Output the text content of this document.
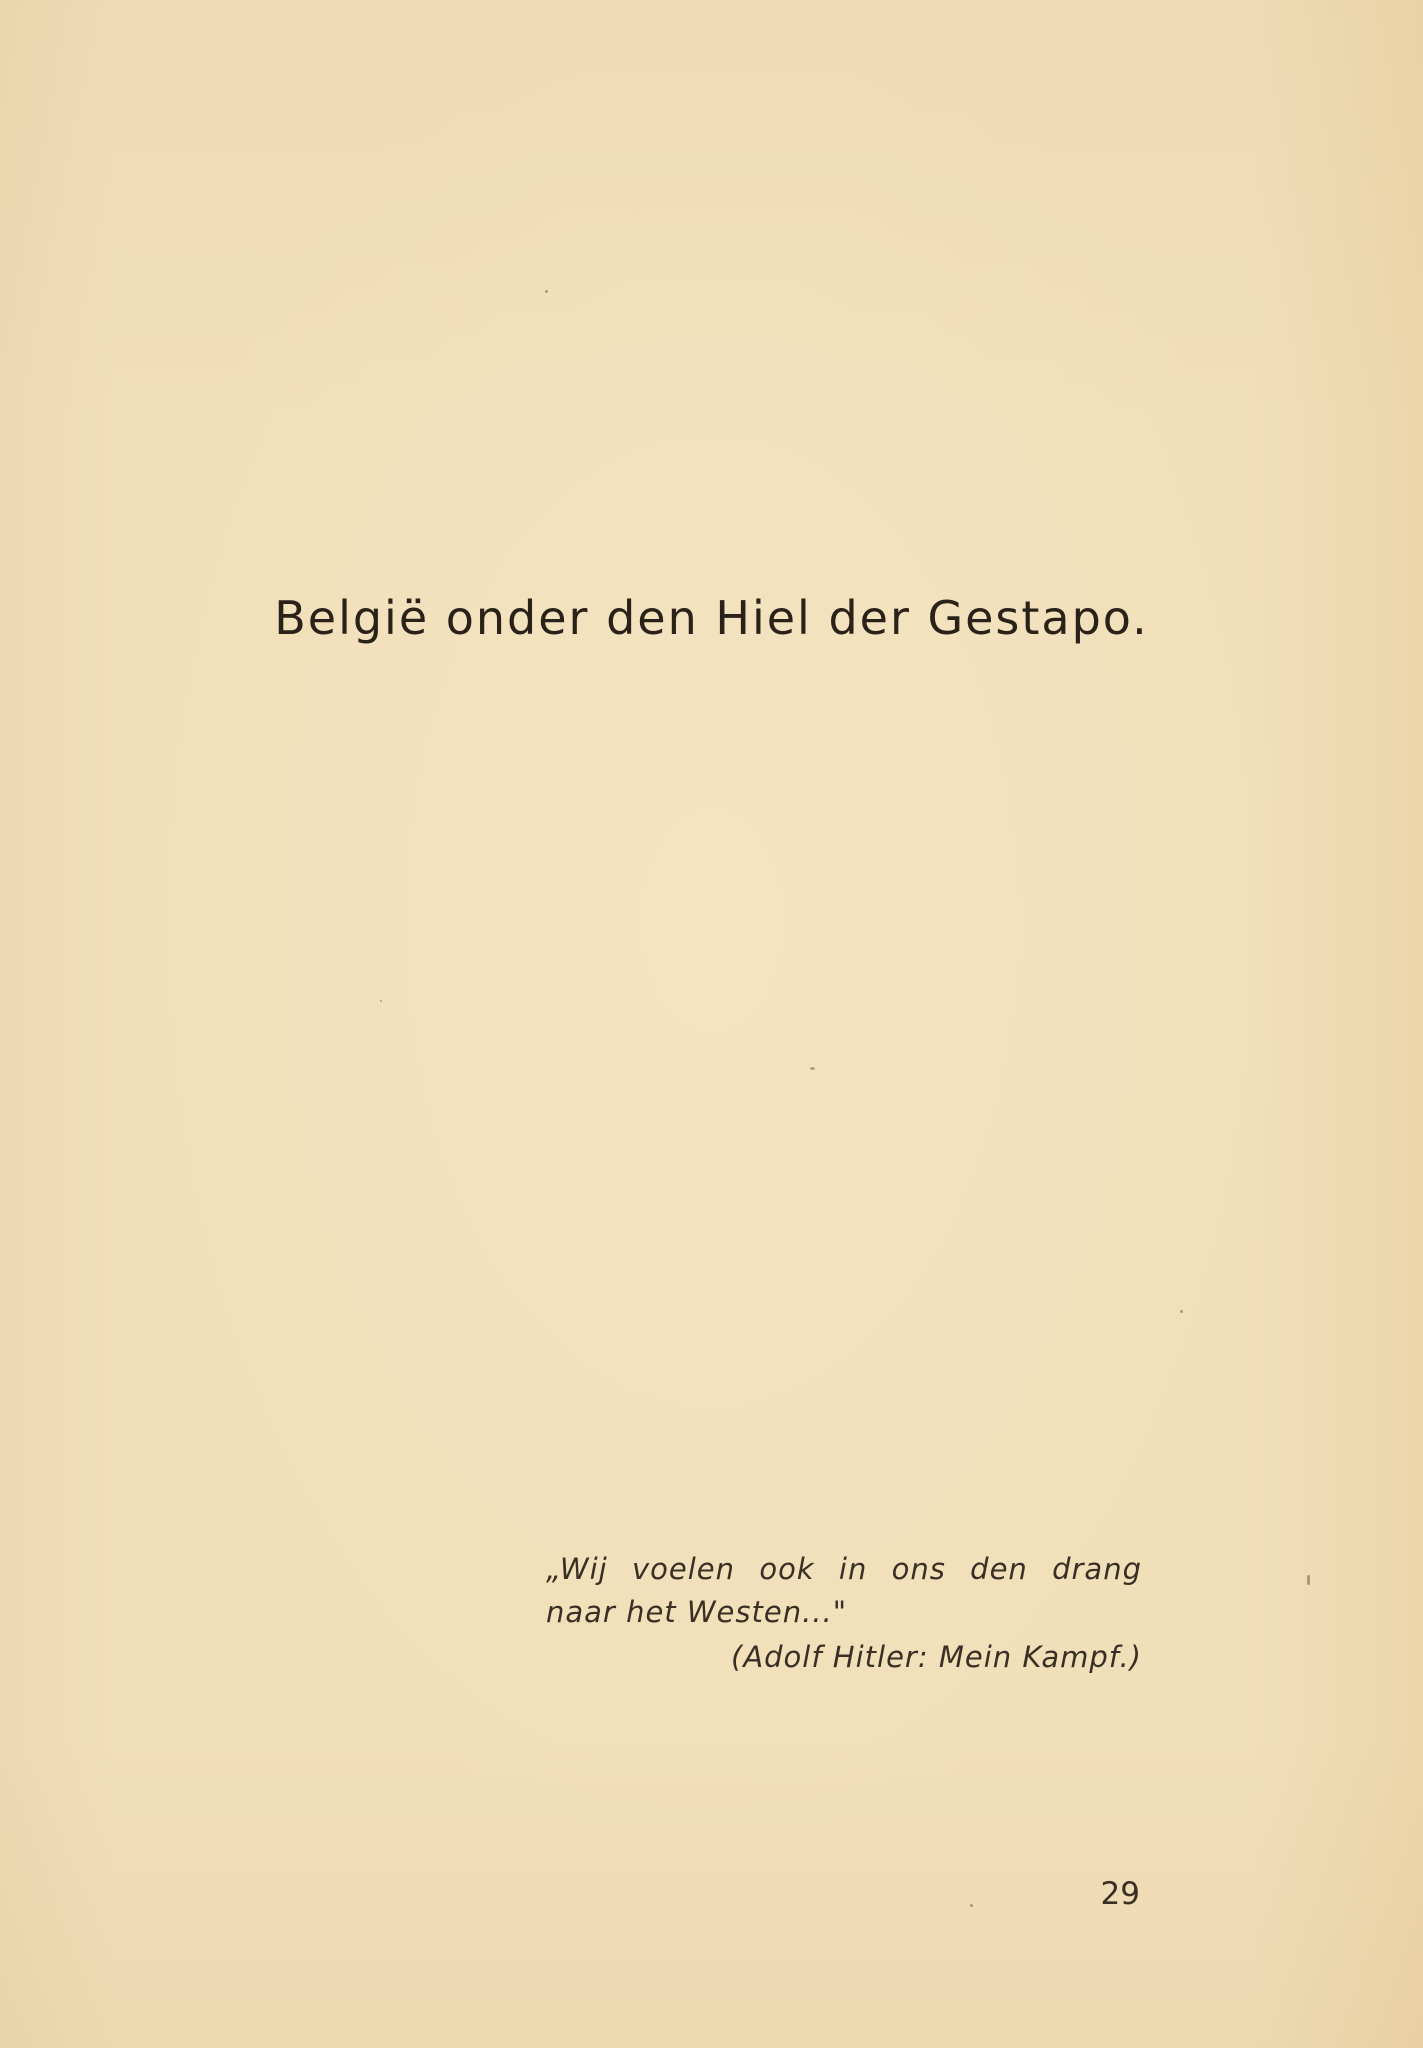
België onder den Hiel der Gestapo.
„Wij voelen ook in ons den drang
naar het Westen..."
(Adolf Hitler: Mein Kampf.)
29
